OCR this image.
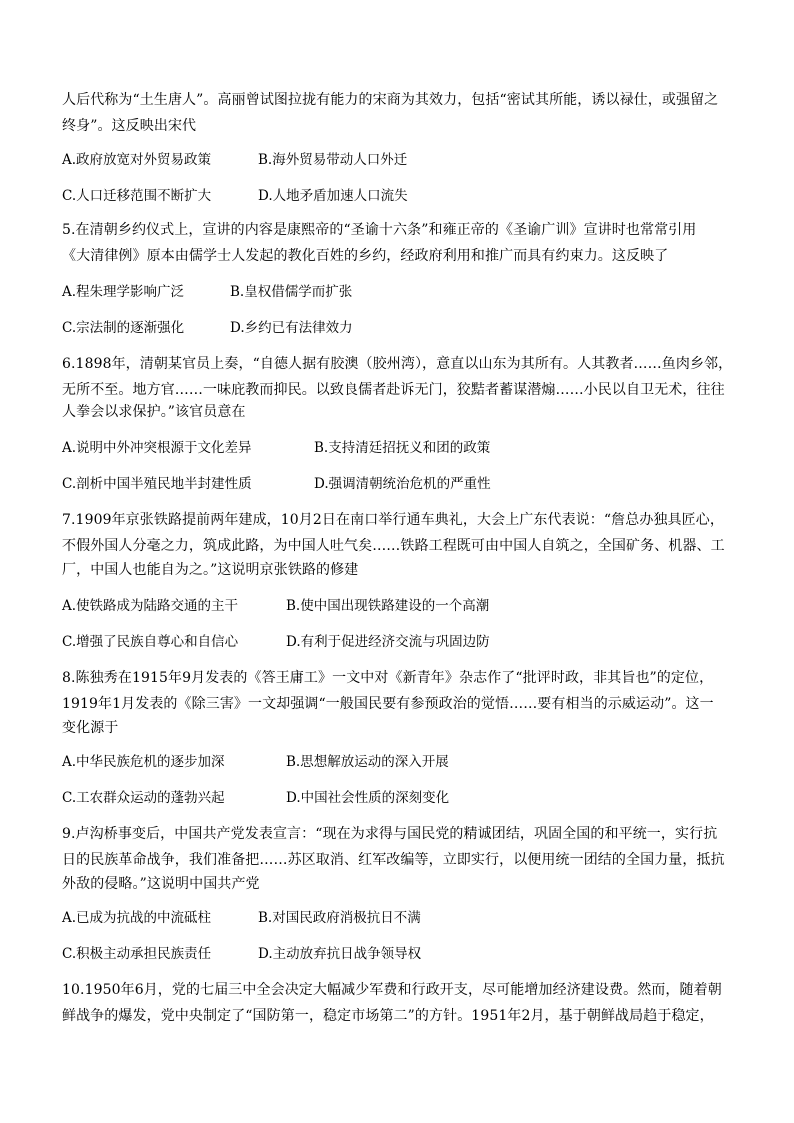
人后代称为“土生唐人”。高丽曾试图拉拢有能力的宋商为其效力，包括“密试其所能，诱以禄仕，或强留之
终身”。这反映出宋代
A.政府放宽对外贸易政策	B.海外贸易带动人口外迁
C.人口迁移范围不断扩大	D.人地矛盾加速人口流失
5.在清朝乡约仪式上，宣讲的内容是康熙帝的“圣谕十六条”和雍正帝的《圣谕广训》宣讲时也常常引用
《大清律例》原本由儒学士人发起的教化百姓的乡约，经政府利用和推广而具有约束力。这反映了
A.程朱理学影响广泛	B.皇权借儒学而扩张
C.宗法制的逐渐强化	D.乡约已有法律效力
6.1898年，清朝某官员上奏，“自德人据有胶澳（胶州湾），意直以山东为其所有。人其教者……鱼肉乡邻，
无所不至。地方官……一味庇教而抑民。以致良儒者赴诉无门，狡黠者蓄谋潜煽……小民以自卫无术，往往
人拳会以求保护。”该官员意在
A.说明中外冲突根源于文化差异	B.支持清廷招抚义和团的政策
C.剖析中国半殖民地半封建性质	D.强调清朝统治危机的严重性
7.1909年京张铁路提前两年建成，10月2日在南口举行通车典礼，大会上广东代表说：“詹总办独具匠心，
不假外国人分毫之力，筑成此路，为中国人吐气矣……铁路工程既可由中国人自筑之，全国矿务、机器、工
厂，中国人也能自为之。”这说明京张铁路的修建
A.使铁路成为陆路交通的主干	B.使中国出现铁路建设的一个高潮
C.增强了民族自尊心和自信心	D.有利于促进经济交流与巩固边防
8.陈独秀在1915年9月发表的《答王庸工》一文中对《新青年》杂志作了“批评时政，非其旨也”的定位，
1919年1月发表的《除三害》一文却强调“一般国民要有参预政治的觉悟……要有相当的示威运动”。这一
变化源于
A.中华民族危机的逐步加深	B.思想解放运动的深入开展
C.工农群众运动的蓬勃兴起	D.中国社会性质的深刻变化
9.卢沟桥事变后，中国共产党发表宣言：“现在为求得与国民党的精诚团结，巩固全国的和平统一，实行抗
日的民族革命战争，我们准备把……苏区取消、红军改编等，立即实行，以便用统一团结的全国力量，抵抗
外敌的侵略。”这说明中国共产党
A.已成为抗战的中流砥柱	B.对国民政府消极抗日不满
C.积极主动承担民族责任	D.主动放弃抗日战争领导权
10.1950年6月，党的七届三中全会决定大幅减少军费和行政开支，尽可能增加经济建设费。然而，随着朝
鲜战争的爆发，党中央制定了“国防第一，稳定市场第二”的方针。1951年2月，基于朝鲜战局趋于稳定，
